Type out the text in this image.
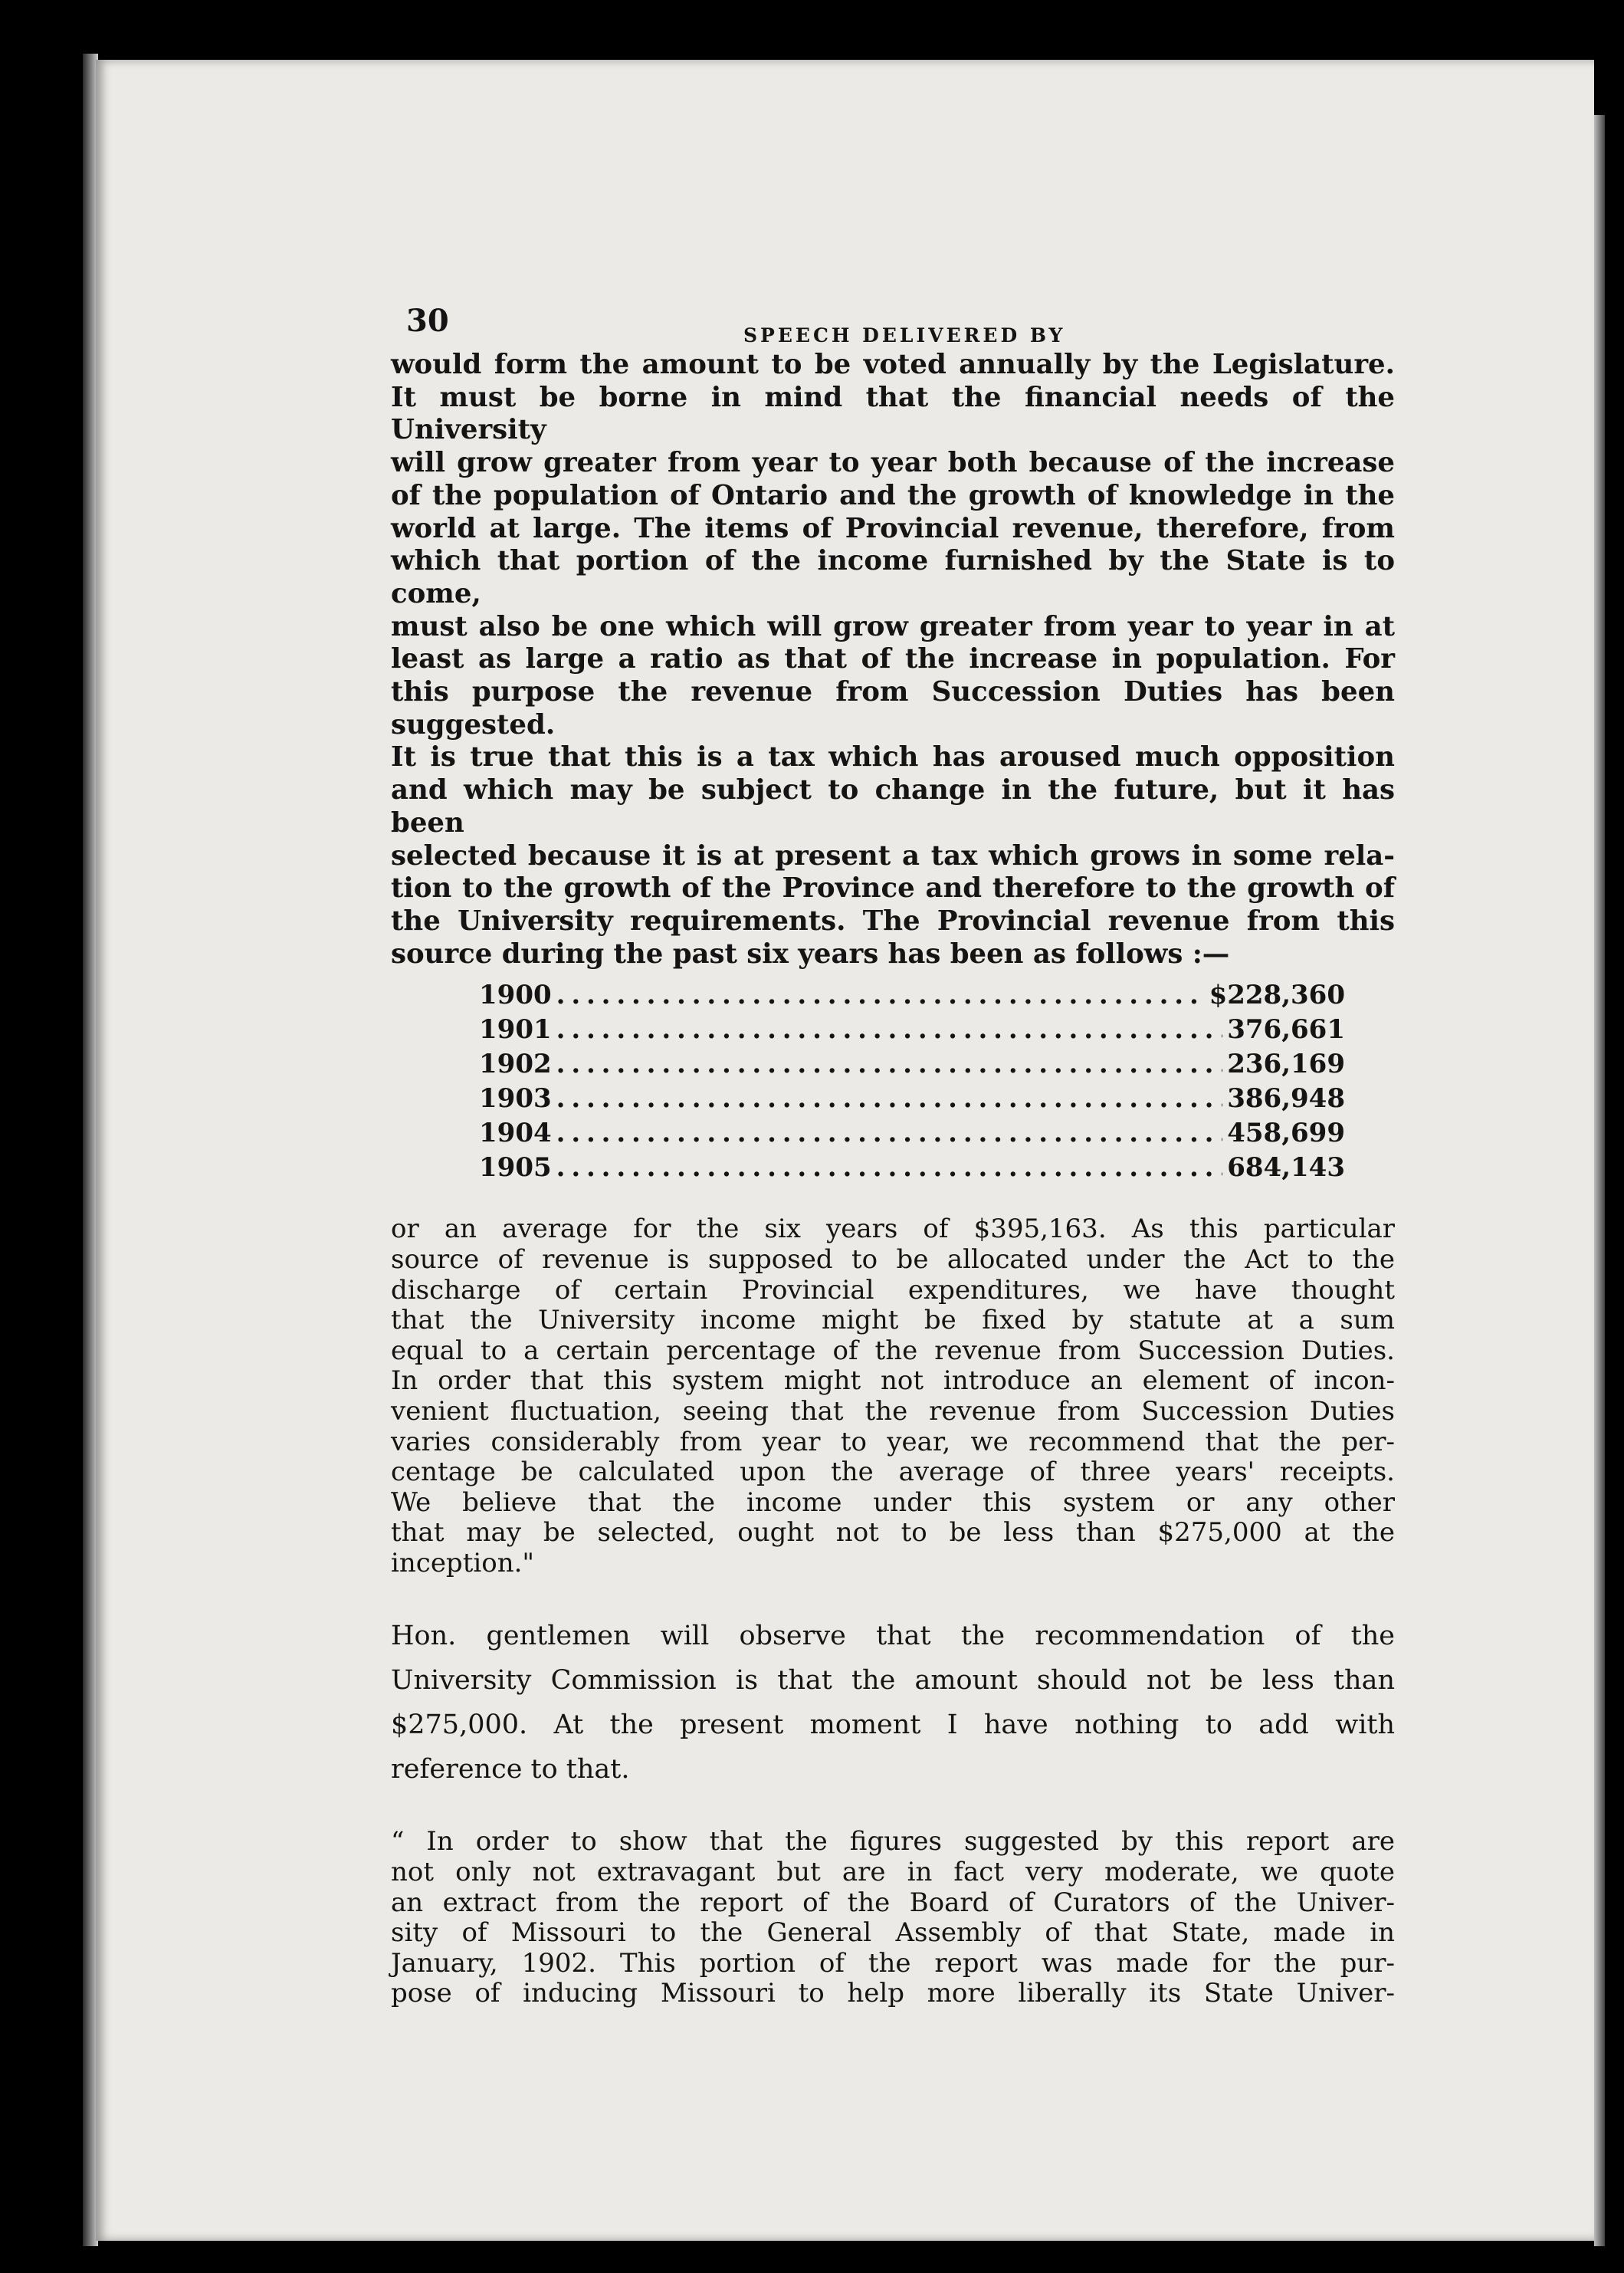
30	SPEECH DELIVERED BY

would form the amount to be voted annually by the Legislature.

It must be borne in mind that the financial needs of the University

will grow greater from year to year both because of the increase

of the population of Ontario and the growth of knowledge in the

world at large. The items of Provincial revenue, therefore, from

which that portion of the income furnished by the State is to come,

must also be one which will grow greater from year to year in at

least as large a ratio as that of the increase in population. For

this purpose the revenue from Succession Duties has been suggested.

It is true that this is a tax which has aroused much opposition

and which may be subject to change in the future, but it has been

selected because it is at present a tax which grows in some rela-

tion to the growth of the Province and therefore to the growth of

the University requirements. The Provincial revenue from this

source during the past six years has been as follows :—

1900 . . .	$228,360
1901 . . .	376,661
1902 . . .	236,169
1903 . . .	386,948
1904 . . .	458,699
1905 . . .	684,143

or an average for the six years of $395,163. As this particular

source of revenue is supposed to be allocated under the Act to the

discharge of certain Provincial expenditures, we have thought

that the University income might be fixed by statute at a sum

equal to a certain percentage of the revenue from Succession Duties.

In order that this system might not introduce an element of incon-

venient fluctuation, seeing that the revenue from Succession Duties

varies considerably from year to year, we recommend that the per-

centage be calculated upon the average of three years' receipts.

We believe that the income under this system or any other

that may be selected, ought not to be less than $275,000 at the

inception."

Hon. gentlemen will observe that the recommendation of the

University Commission is that the amount should not be less than

$275,000. At the present moment I have nothing to add with

reference to that.

“ In order to show that the figures suggested by this report are

not only not extravagant but are in fact very moderate, we quote

an extract from the report of the Board of Curators of the Univer-

sity of Missouri to the General Assembly of that State, made in

January, 1902. This portion of the report was made for the pur-

pose of inducing Missouri to help more liberally its State Univer-
